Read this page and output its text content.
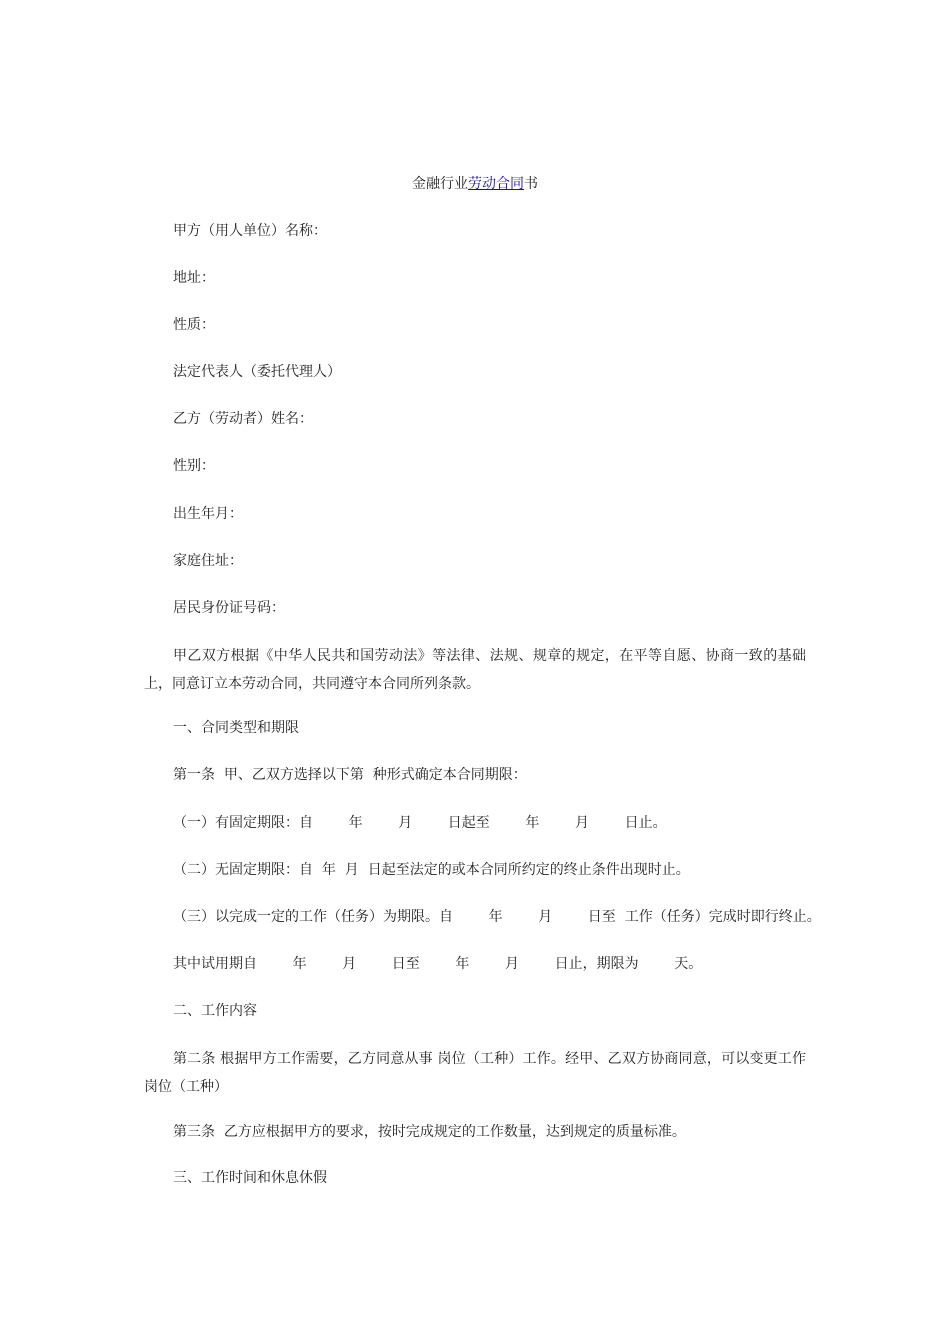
金融行业劳动合同书
甲方（用人单位）名称：
地址：
性质：
法定代表人（委托代理人）
乙方（劳动者）姓名：
性别：
出生年月：
家庭住址：
居民身份证号码：
甲乙双方根据《中华人民共和国劳动法》等法律、法规、规章的规定，在平等自愿、协商一致的基础上，同意订立本劳动合同，共同遵守本合同所列条款。
一、合同类型和期限
第一条  甲、乙双方选择以下第  种形式确定本合同期限：
（一）有固定期限：自        年        月        日起至        年        月        日止。
（二）无固定期限：自  年  月  日起至法定的或本合同所约定的终止条件出现时止。
（三）以完成一定的工作（任务）为期限。自        年        月        日至  工作（任务）完成时即行终止。
其中试用期自        年        月        日至        年        月        日止，期限为        天。
二、工作内容
第二条 根据甲方工作需要，乙方同意从事 岗位（工种）工作。经甲、乙双方协商同意，可以变更工作岗位（工种）
第三条  乙方应根据甲方的要求，按时完成规定的工作数量，达到规定的质量标准。
三、工作时间和休息休假
